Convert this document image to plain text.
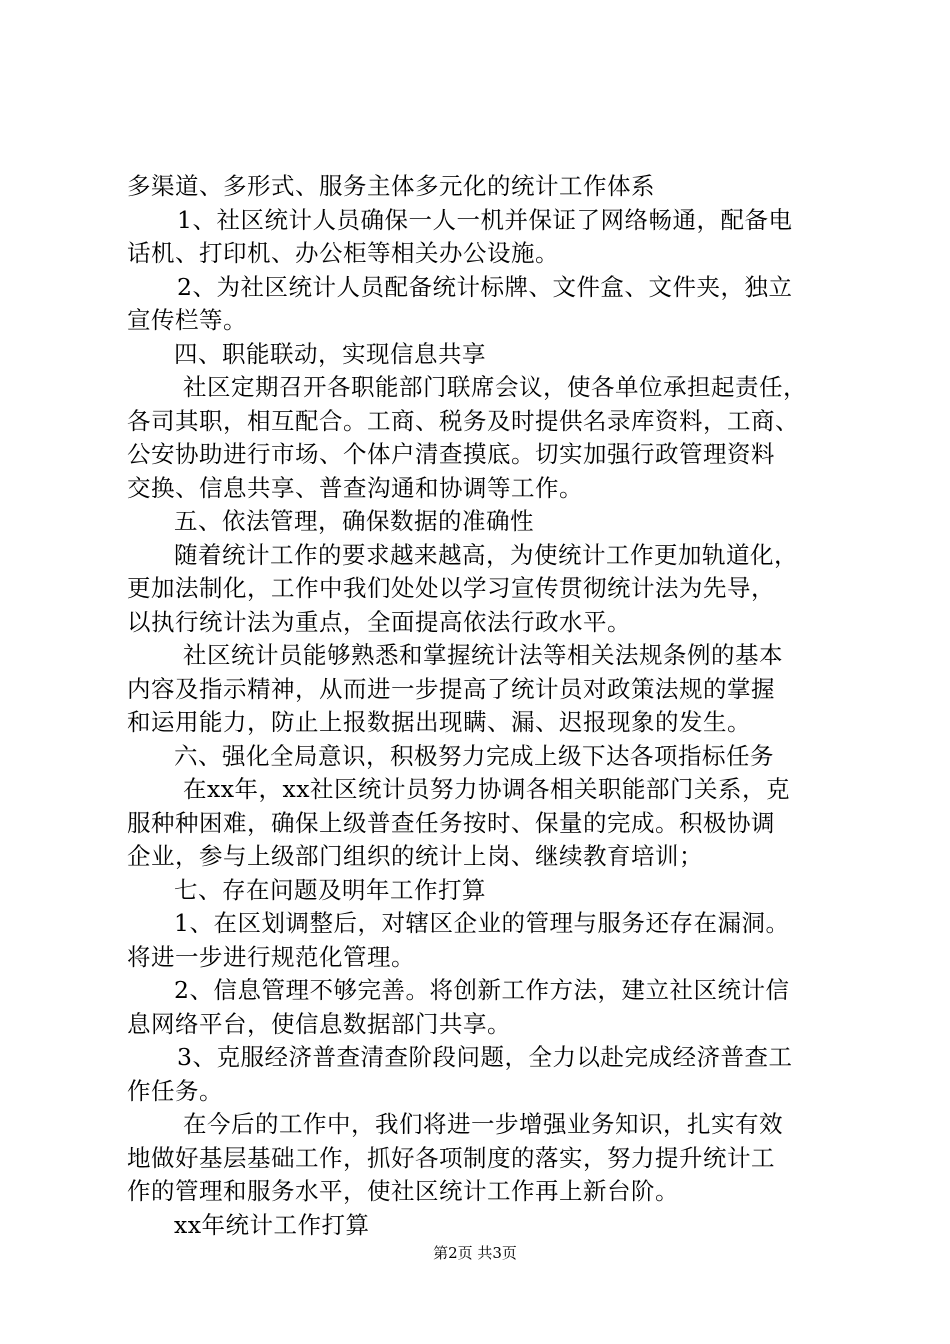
多渠道、多形式、服务主体多元化的统计工作体系
1、社区统计人员确保一人一机并保证了网络畅通，配备电
话机、打印机、办公柜等相关办公设施。
2、为社区统计人员配备统计标牌、文件盒、文件夹，独立
宣传栏等。
四、职能联动，实现信息共享
社区定期召开各职能部门联席会议，使各单位承担起责任，
各司其职，相互配合。工商、税务及时提供名录库资料，工商、
公安协助进行市场、个体户清查摸底。切实加强行政管理资料
交换、信息共享、普查沟通和协调等工作。
五、依法管理，确保数据的准确性
随着统计工作的要求越来越高，为使统计工作更加轨道化，
更加法制化，工作中我们处处以学习宣传贯彻统计法为先导，
以执行统计法为重点，全面提高依法行政水平。
社区统计员能够熟悉和掌握统计法等相关法规条例的基本
内容及指示精神，从而进一步提高了统计员对政策法规的掌握
和运用能力，防止上报数据出现瞒、漏、迟报现象的发生。
六、强化全局意识，积极努力完成上级下达各项指标任务
在xx年，xx社区统计员努力协调各相关职能部门关系，克
服种种困难，确保上级普查任务按时、保量的完成。积极协调
企业，参与上级部门组织的统计上岗、继续教育培训；
七、存在问题及明年工作打算
1、在区划调整后，对辖区企业的管理与服务还存在漏洞。
将进一步进行规范化管理。
2、信息管理不够完善。将创新工作方法，建立社区统计信
息网络平台，使信息数据部门共享。
3、克服经济普查清查阶段问题，全力以赴完成经济普查工
作任务。
在今后的工作中，我们将进一步增强业务知识，扎实有效
地做好基层基础工作，抓好各项制度的落实，努力提升统计工
作的管理和服务水平，使社区统计工作再上新台阶。
xx年统计工作打算
第2页 共3页
